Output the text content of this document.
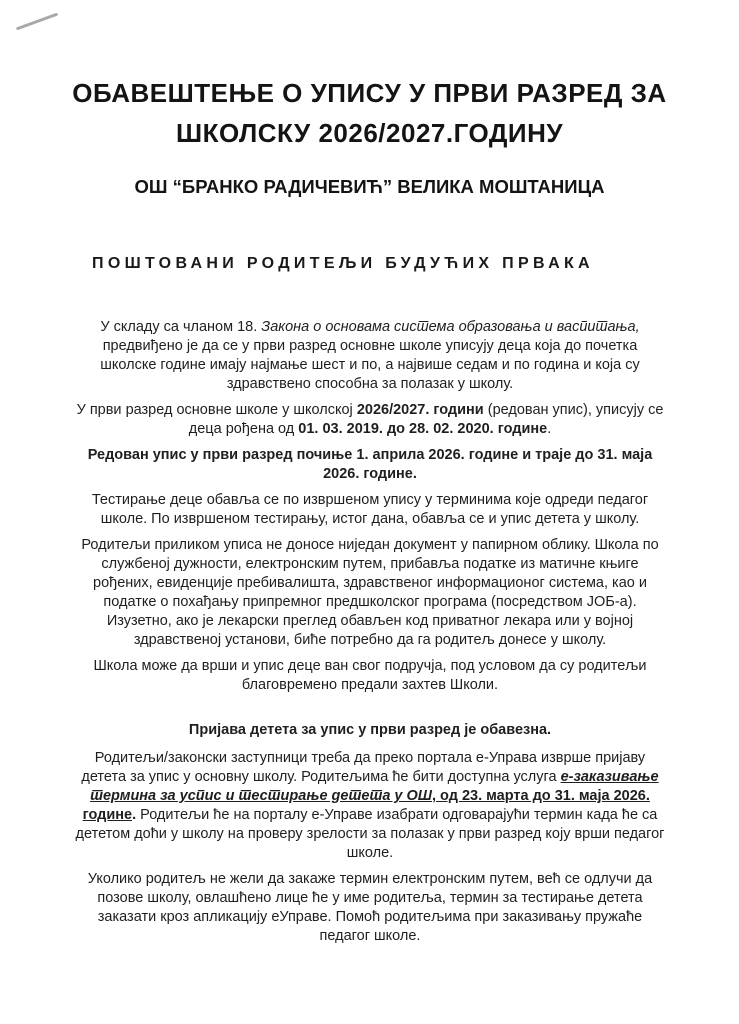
ОБАВЕШТЕЊЕ О УПИСУ У ПРВИ РАЗРЕД ЗА
ШКОЛСКУ 2026/2027.ГОДИНУ
ОШ “БРАНКО РАДИЧЕВИЋ” ВЕЛИКА МОШТАНИЦА
ПОШТОВАНИ РОДИТЕЉИ БУДУЋИХ ПРВАКА

У складу са чланом 18. Закона о основама система образовања и васпитања, предвиђено је да се у први разред основне школе уписују деца која до почетка школске године имају најмање шест и по, а највише седам и по година и која су здравствено способна за полазак у школу.

У први разред основне школе у школској 2026/2027. години (редован упис), уписују се деца рођена од 01. 03. 2019. до 28. 02. 2020. године.

Редован упис у први разред почиње 1. априла 2026. године и траје до 31. маја 2026. године.

Тестирање деце обавља се по извршеном упису у терминима које одреди педагог школе. По извршеном тестирању, истог дана, обавља се и упис детета у школу.

Родитељи приликом уписа не доносе ниједан документ у папирном облику. Школа по службеној дужности, електронским путем, прибавља податке из матичне књиге рођених, евиденције пребивалишта, здравственог информационог система, као и податке о похађању припремног предшколског програма (посредством ЈОБ-а). Изузетно, ако је лекарски преглед обављен код приватног лекара или у војној здравственој установи, биће потребно да га родитељ донесе у школу.

Школа може да врши и упис деце ван свог подручја, под условом да су родитељи благовремено предали захтев Школи.

Пријава детета за упис у први разред је обавезна.

Родитељи/законски заступници треба да преко портала е-Управа изврше пријаву детета за упис у основну школу. Родитељима ће бити доступна услуга е-заказивање термина за успис и тестирање детета у ОШ, од 23. марта до 31. маја 2026. године. Родитељи ће на порталу е-Управе изабрати одговарајући термин када ће са дететом доћи у школу на проверу зрелости за полазак у први разред коју врши педагог школе.

Уколико родитељ не жели да закаже термин електронским путем, већ се одлучи да позове школу, овлашћено лице ће у име родитеља, термин за тестирање детета заказати кроз апликацију еУправе. Помоћ родитељима при заказивању пружаће педагог школе.
